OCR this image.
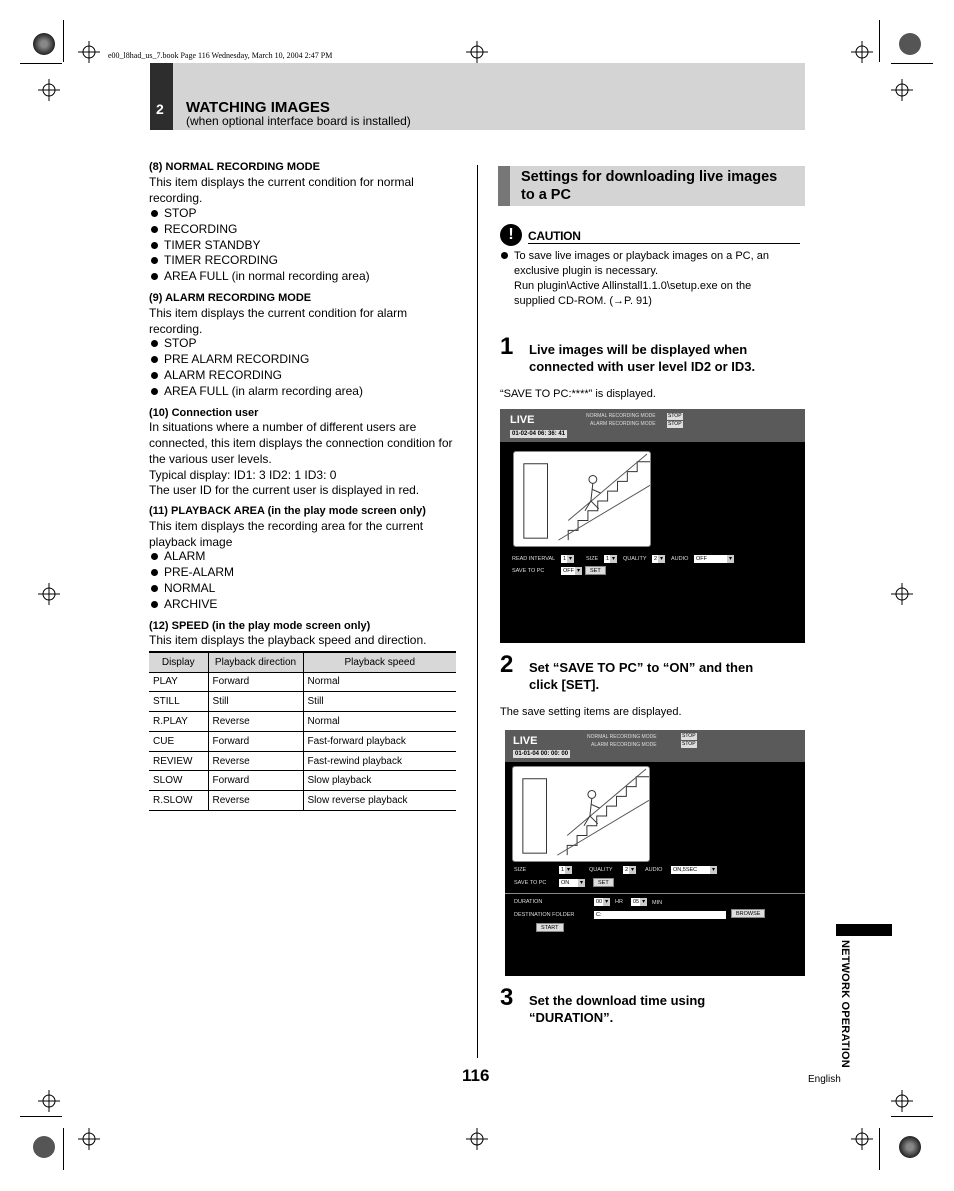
e00_l8had_us_7.book Page 116 Wednesday, March 10, 2004 2:47 PM
2 WATCHING IMAGES
(when optional interface board is installed)
(8) NORMAL RECORDING MODE
This item displays the current condition for normal
recording.
STOP
RECORDING
TIMER STANDBY
TIMER RECORDING
AREA FULL (in normal recording area)
(9) ALARM RECORDING MODE
This item displays the current condition for alarm
recording.
STOP
PRE ALARM RECORDING
ALARM RECORDING
AREA FULL (in alarm recording area)
(10) Connection user
In situations where a number of different users are
connected, this item displays the connection condition for
the various user levels.
Typical display: ID1: 3 ID2: 1 ID3: 0
The user ID for the current user is displayed in red.
(11) PLAYBACK AREA (in the play mode screen only)
This item displays the recording area for the current
playback image
ALARM
PRE-ALARM
NORMAL
ARCHIVE
(12) SPEED (in the play mode screen only)
This item displays the playback speed and direction.
Display	Playback direction	Playback speed
PLAY	Forward	Normal
STILL	Still	Still
R.PLAY	Reverse	Normal
CUE	Forward	Fast-forward playback
REVIEW	Reverse	Fast-rewind playback
SLOW	Forward	Slow playback
R.SLOW	Reverse	Slow reverse playback
Settings for downloading live images
to a PC
!	CAUTION
To save live images or playback images on a PC, an
exclusive plugin is necessary.
Run plugin\Active Allinstall1.1.0\setup.exe on the
supplied CD-ROM. (→P. 91)
1 Live images will be displayed when
connected with user level ID2 or ID3.
“SAVE TO PC:****” is displayed.
LIVE	NORMAL RECORDING MODE
ALARM RECORDING MODE
STOP
STOP
01-02-04 06: 36: 41
READ INTERVAL	1 ▾	SIZE	1 ▾	QUALITY	2 ▾	AUDIO	OFF ▾
SAVE TO PC	OFF ▾	SET
2 Set “SAVE TO PC” to “ON” and then
click [SET].
The save setting items are displayed.
LIVE	NORMAL RECORDING MODE
ALARM RECORDING MODE
STOP
STOP
01-01-04 00: 00: 00
SIZE	1 ▾	QUALITY	2 ▾	AUDIO	ON,5SEC ▾
SAVE TO PC	ON ▾	SET
DURATION	00 ▾	HR	05 ▾	MIN
DESTINATION FOLDER	C:	BROWSE
START
3 Set the download time using
“DURATION”.	NETWORK OPERATION
116	English
